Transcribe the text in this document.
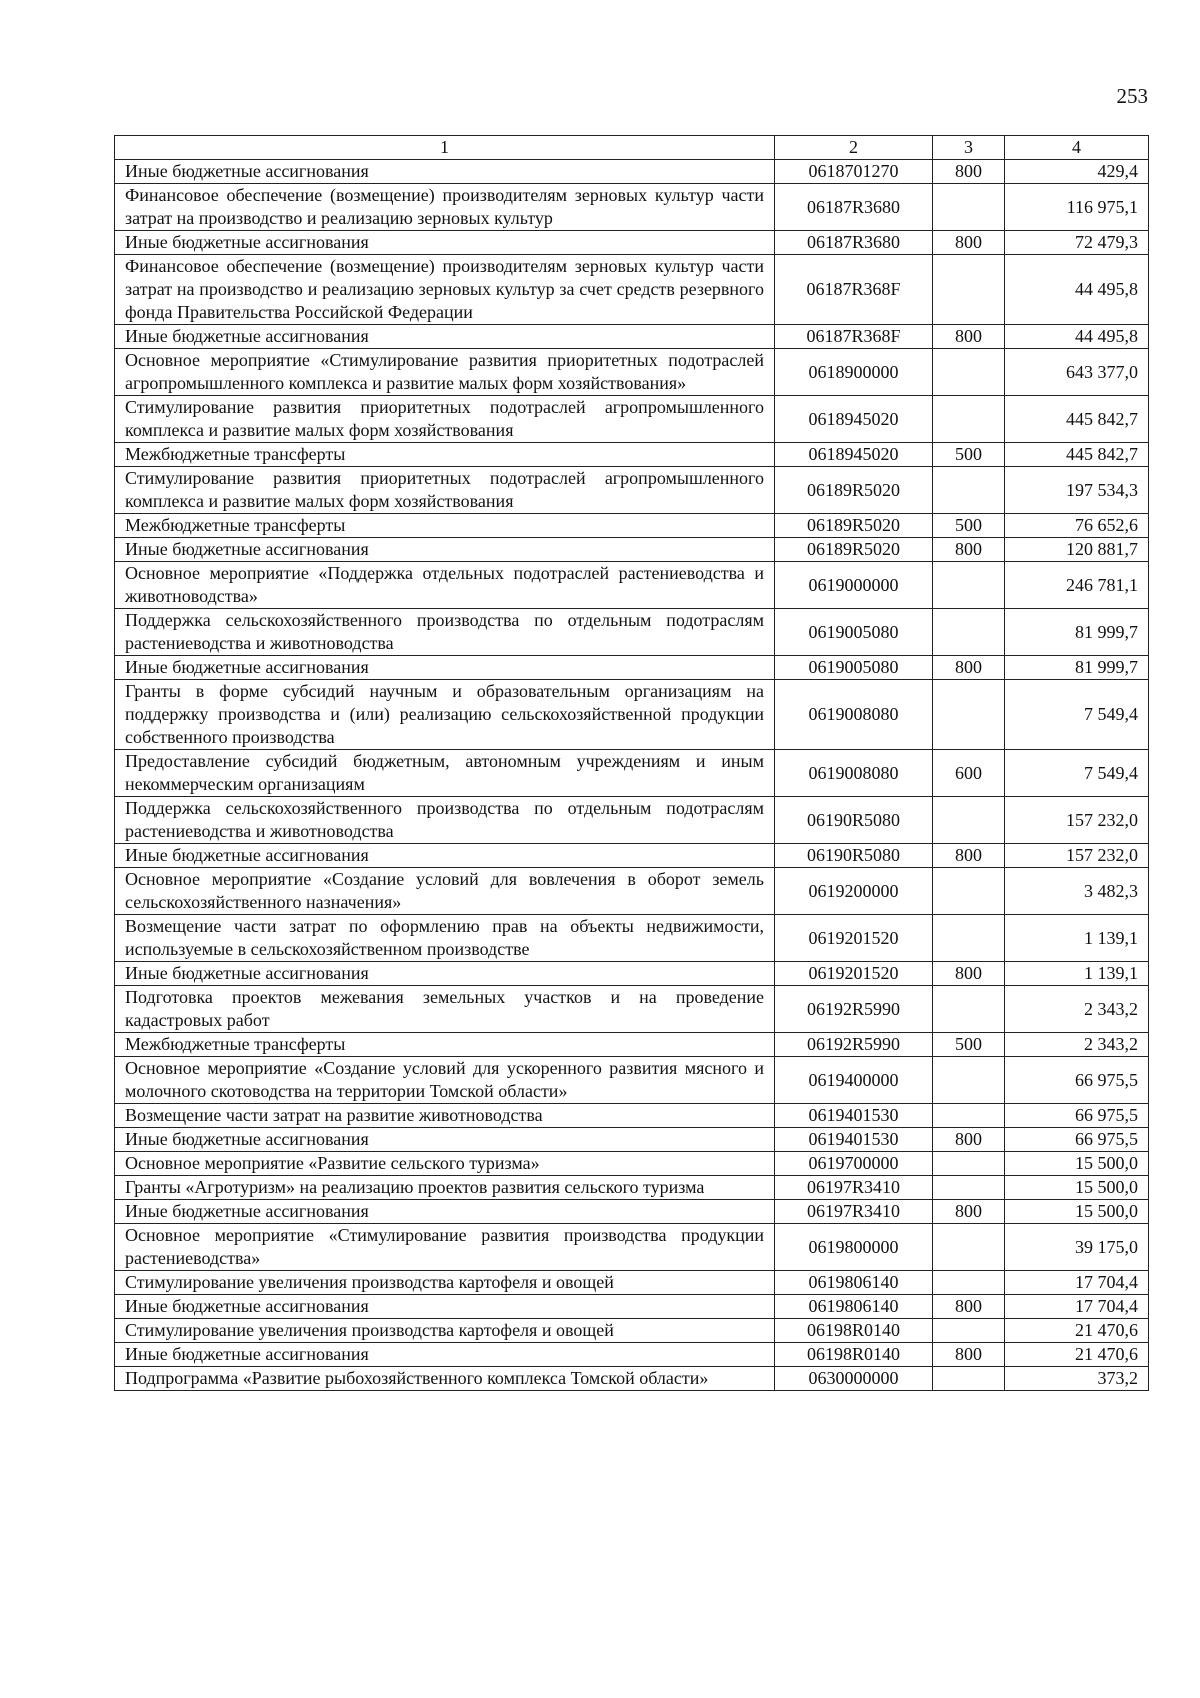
253
1	2	3	4
Иные бюджетные ассигнования	0618701270	800	429,4
Финансовое обеспечение (возмещение) производителям зерновых культур части затрат на производство и реализацию зерновых культур	06187R3680		116 975,1
Иные бюджетные ассигнования	06187R3680	800	72 479,3
Финансовое обеспечение (возмещение) производителям зерновых культур части затрат на производство и реализацию зерновых культур за счет средств резервного фонда Правительства Российской Федерации	06187R368F		44 495,8
Иные бюджетные ассигнования	06187R368F	800	44 495,8
Основное мероприятие «Стимулирование развития приоритетных подотраслей агропромышленного комплекса и развитие малых форм хозяйствования»	0618900000		643 377,0
Стимулирование развития приоритетных подотраслей агропромышленного комплекса и развитие малых форм хозяйствования	0618945020		445 842,7
Межбюджетные трансферты	0618945020	500	445 842,7
Стимулирование развития приоритетных подотраслей агропромышленного комплекса и развитие малых форм хозяйствования	06189R5020		197 534,3
Межбюджетные трансферты	06189R5020	500	76 652,6
Иные бюджетные ассигнования	06189R5020	800	120 881,7
Основное мероприятие «Поддержка отдельных подотраслей растениеводства и животноводства»	0619000000		246 781,1
Поддержка сельскохозяйственного производства по отдельным подотраслям растениеводства и животноводства	0619005080		81 999,7
Иные бюджетные ассигнования	0619005080	800	81 999,7
Гранты в форме субсидий научным и образовательным организациям на поддержку производства и (или) реализацию сельскохозяйственной продукции собственного производства	0619008080		7 549,4
Предоставление субсидий бюджетным, автономным учреждениям и иным некоммерческим организациям	0619008080	600	7 549,4
Поддержка сельскохозяйственного производства по отдельным подотраслям растениеводства и животноводства	06190R5080		157 232,0
Иные бюджетные ассигнования	06190R5080	800	157 232,0
Основное мероприятие «Создание условий для вовлечения в оборот земель сельскохозяйственного назначения»	0619200000		3 482,3
Возмещение части затрат по оформлению прав на объекты недвижимости, используемые в сельскохозяйственном производстве	0619201520		1 139,1
Иные бюджетные ассигнования	0619201520	800	1 139,1
Подготовка проектов межевания земельных участков и на проведение кадастровых работ	06192R5990		2 343,2
Межбюджетные трансферты	06192R5990	500	2 343,2
Основное мероприятие «Создание условий для ускоренного развития мясного и молочного скотоводства на территории Томской области»	0619400000		66 975,5
Возмещение части затрат на развитие животноводства	0619401530		66 975,5
Иные бюджетные ассигнования	0619401530	800	66 975,5
Основное мероприятие «Развитие сельского туризма»	0619700000		15 500,0
Гранты «Агротуризм» на реализацию проектов развития сельского туризма	06197R3410		15 500,0
Иные бюджетные ассигнования	06197R3410	800	15 500,0
Основное мероприятие «Стимулирование развития производства продукции растениеводства»	0619800000		39 175,0
Стимулирование увеличения производства картофеля и овощей	0619806140		17 704,4
Иные бюджетные ассигнования	0619806140	800	17 704,4
Стимулирование увеличения производства картофеля и овощей	06198R0140		21 470,6
Иные бюджетные ассигнования	06198R0140	800	21 470,6
Подпрограмма «Развитие рыбохозяйственного комплекса Томской области»	0630000000		373,2
